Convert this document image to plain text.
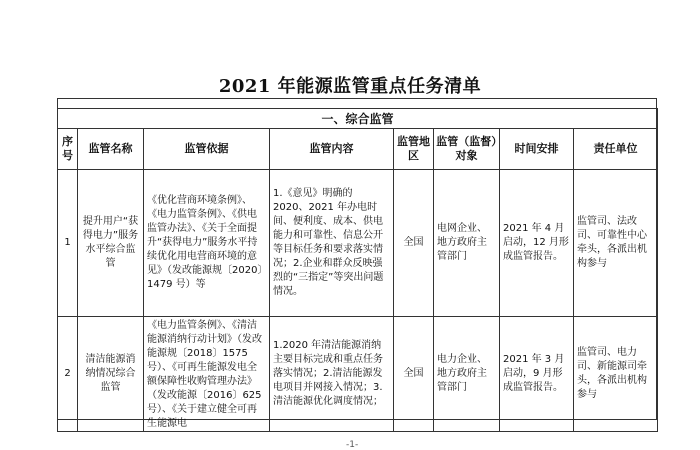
2021 年能源监管重点任务清单
一、综合监管							
序号	监管名称	监管依据	监管内容	监管地区	监管（监督）对象	时间安排	责任单位
1	提升用户“获得电力”服务水平综合监管	《优化营商环境条例》、《电力监管条例》、《供电监管办法》、《关于全面提升“获得电力”服务水平持续优化用电营商环境的意见》（发改能源规〔2020〕1479 号）等	1.《意见》明确的 2020、2021 年办电时间、便利度、成本、供电能力和可靠性、信息公开等目标任务和要求落实情况；2.企业和群众反映强烈的“三指定”等突出问题情况。	全国	电网企业、地方政府主管部门	2021 年 4 月启动，12 月形成监管报告。	监管司、法改司、可靠性中心牵头，各派出机构参与
2	清洁能源消纳情况综合监管	《电力监管条例》、《清洁能源消纳行动计划》（发改能源规〔2018〕1575 号）、《可再生能源发电全额保障性收购管理办法》（发改能源〔2016〕625 号）、《关于建立健全可再生能源电	1.2020 年清洁能源消纳主要目标完成和重点任务落实情况；2.清洁能源发电项目并网接入情况；3.清洁能源优化调度情况；	全国	电力企业、地方政府主管部门	2021 年 3 月启动，9 月形成监管报告。	监管司、电力司、新能源司牵头，各派出机构参与
-1-
